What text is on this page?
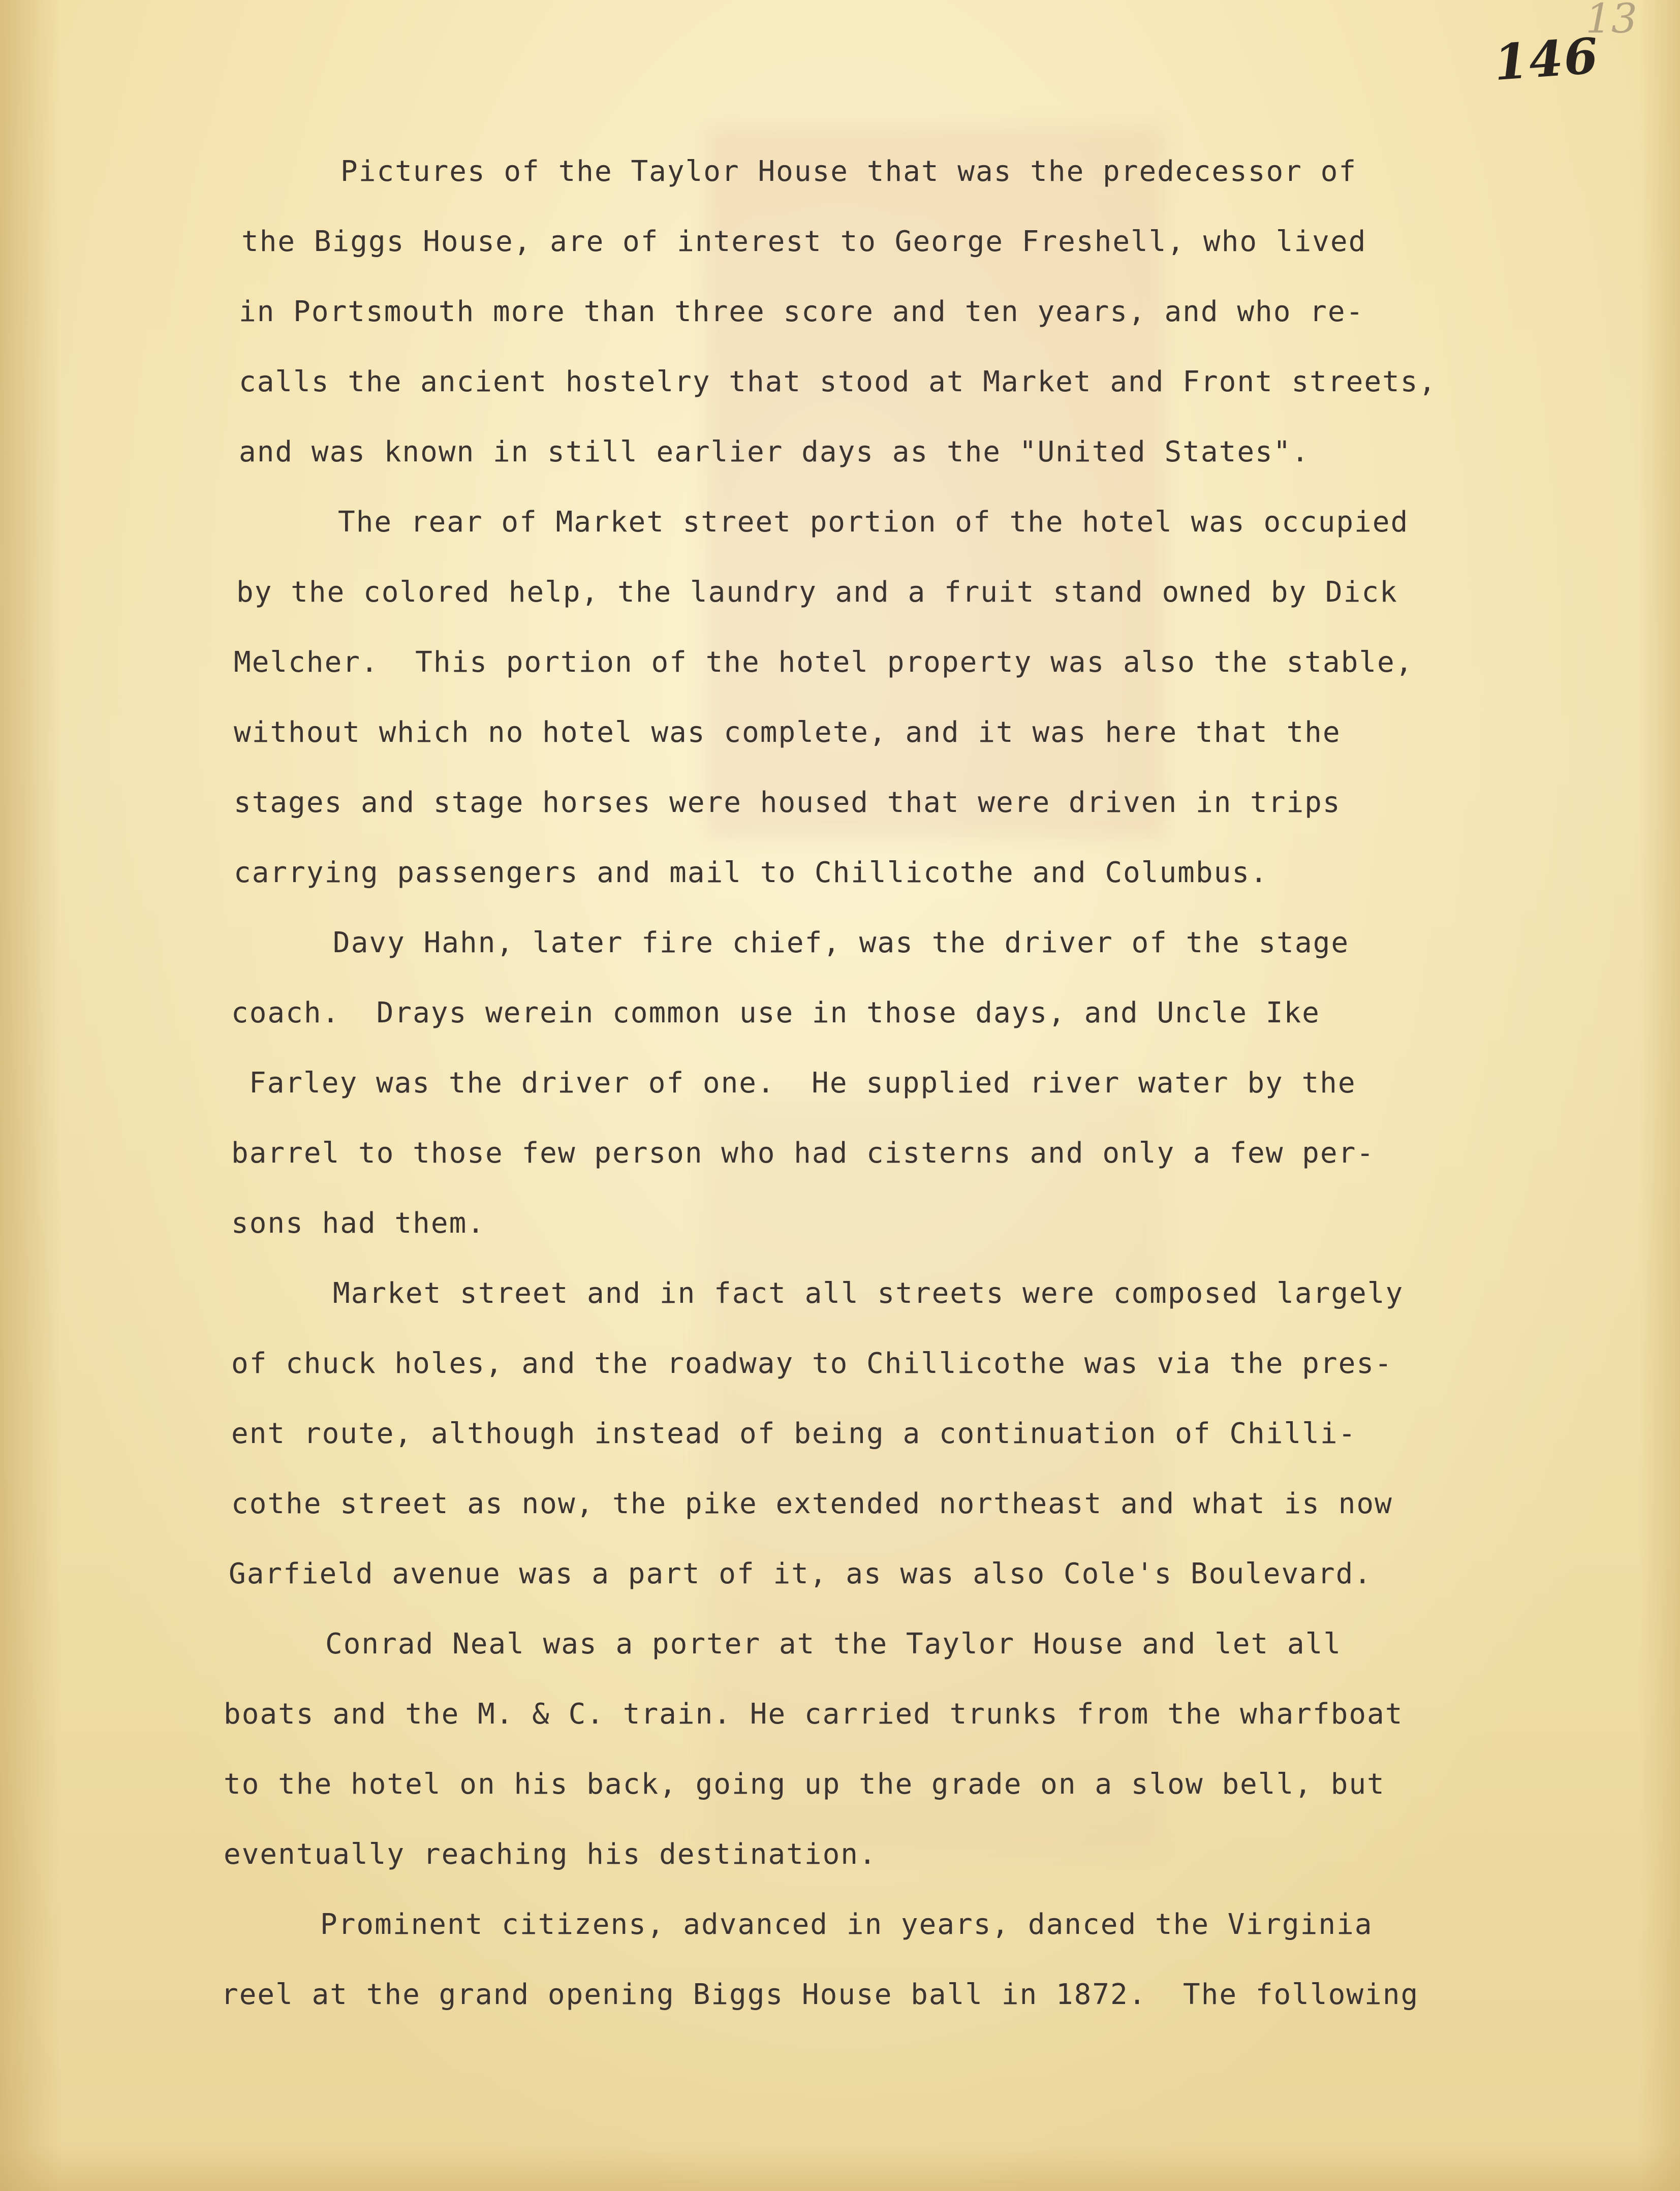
13
146
Pictures of the Taylor House that was the predecessor of
the Biggs House, are of interest to George Freshell, who lived
in Portsmouth more than three score and ten years, and who re-
calls the ancient hostelry that stood at Market and Front streets,
and was known in still earlier days as the "United States".
The rear of Market street portion of the hotel was occupied
by the colored help, the laundry and a fruit stand owned by Dick
Melcher.  This portion of the hotel property was also the stable,
without which no hotel was complete, and it was here that the
stages and stage horses were housed that were driven in trips
carrying passengers and mail to Chillicothe and Columbus.
Davy Hahn, later fire chief, was the driver of the stage
coach.  Drays werein common use in those days, and Uncle Ike
Farley was the driver of one.  He supplied river water by the
barrel to those few person who had cisterns and only a few per-
sons had them.
Market street and in fact all streets were composed largely
of chuck holes, and the roadway to Chillicothe was via the pres-
ent route, although instead of being a continuation of Chilli-
cothe street as now, the pike extended northeast and what is now
Garfield avenue was a part of it, as was also Cole's Boulevard.
Conrad Neal was a porter at the Taylor House and let all
boats and the M. & C. train. He carried trunks from the wharfboat
to the hotel on his back, going up the grade on a slow bell, but
eventually reaching his destination.
Prominent citizens, advanced in years, danced the Virginia
reel at the grand opening Biggs House ball in 1872.  The following
